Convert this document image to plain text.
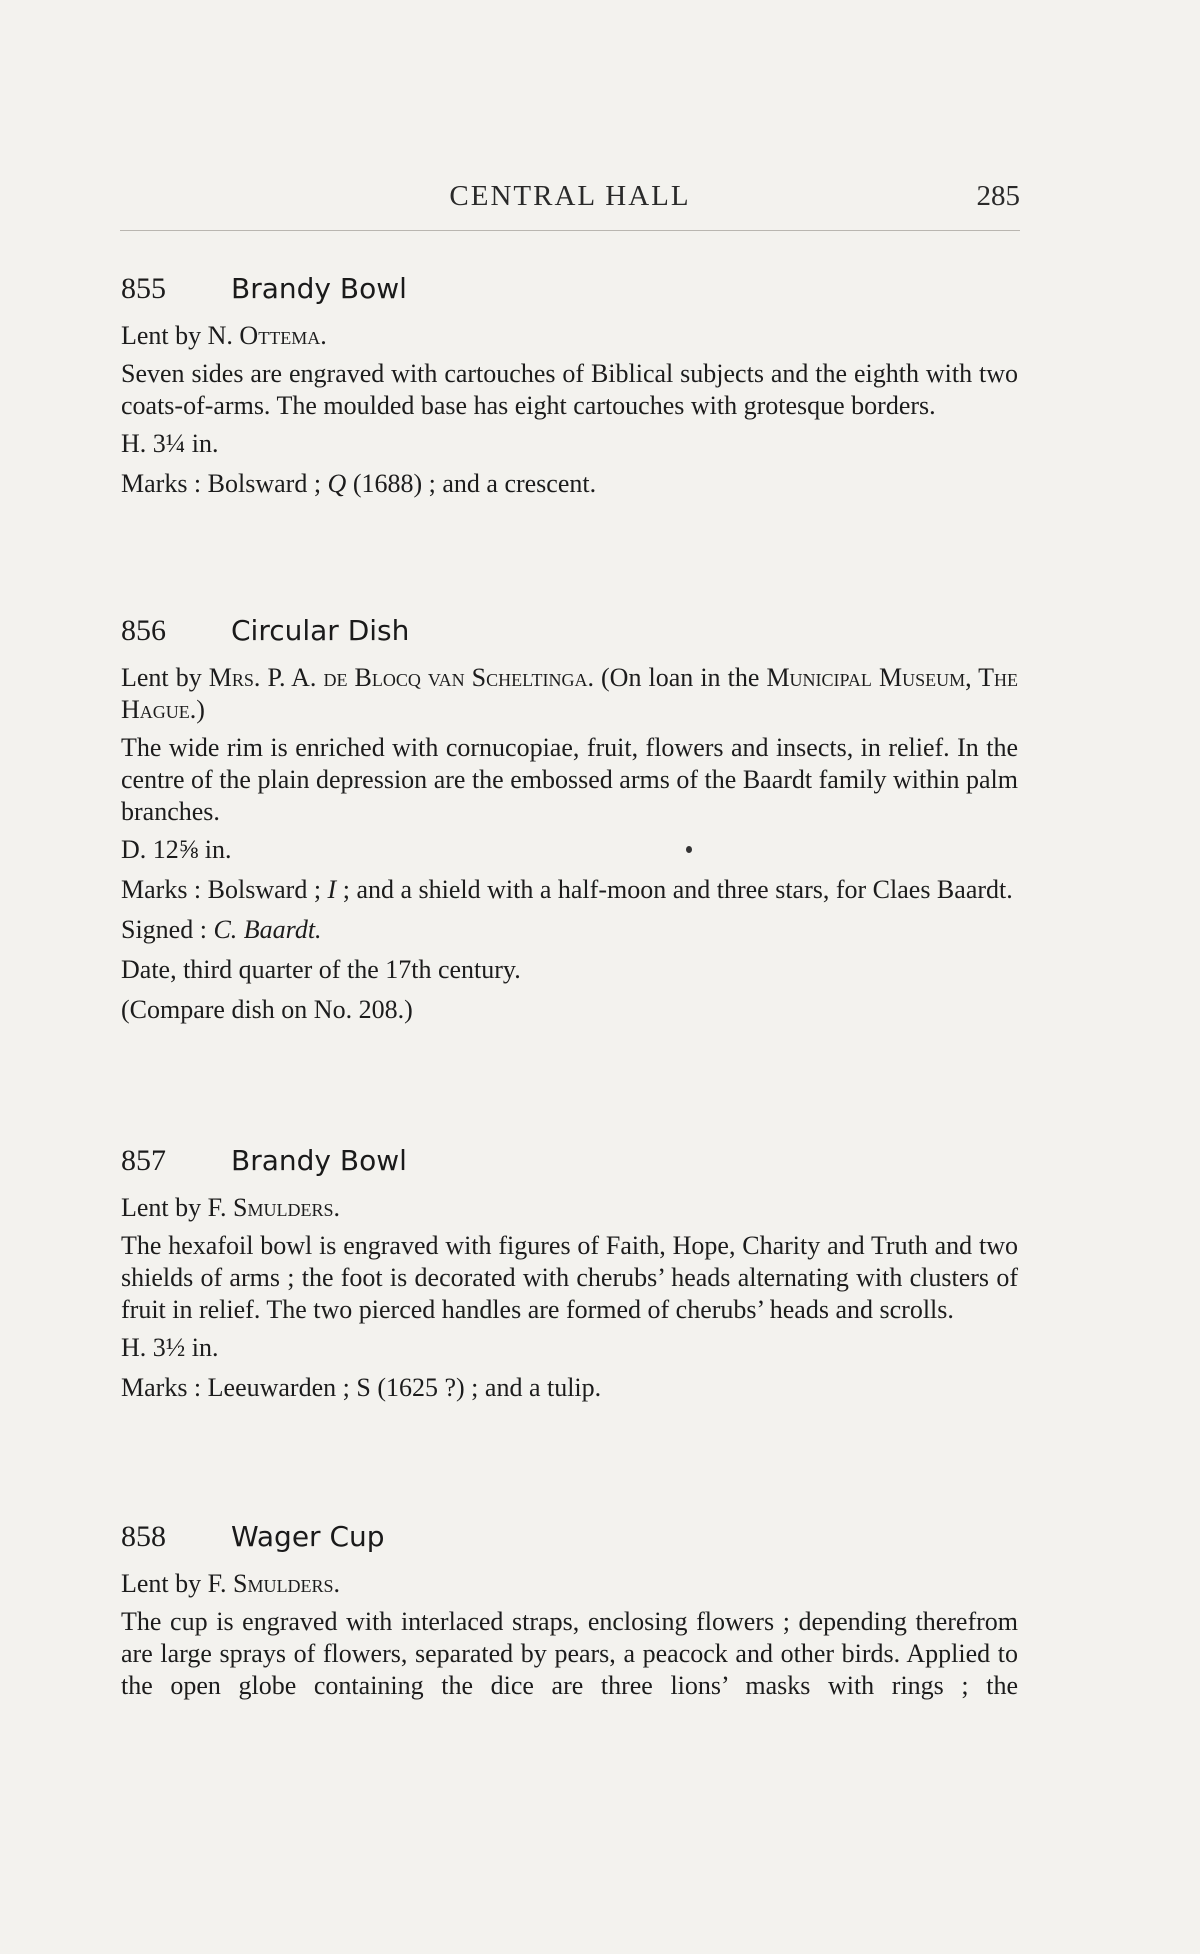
CENTRAL HALL	285
855 Brandy Bowl
Lent by N. Ottema.
Seven sides are engraved with cartouches of Biblical subjects and the eighth with two coats-of-arms. The moulded base has eight cartouches with grotesque borders.
H. 3¼ in.
Marks : Bolsward ; Q (1688) ; and a crescent.
856 Circular Dish
Lent by Mrs. P. A. de Blocq van Scheltinga. (On loan in the Municipal Museum, The Hague.)
The wide rim is enriched with cornucopiae, fruit, flowers and insects, in relief. In the centre of the plain depression are the embossed arms of the Baardt family within palm branches.
D. 12⅝ in.
Marks : Bolsward ; I ; and a shield with a half-moon and three stars, for Claes Baardt.
Signed : C. Baardt.
Date, third quarter of the 17th century.
(Compare dish on No. 208.)
857 Brandy Bowl
Lent by F. Smulders.
The hexafoil bowl is engraved with figures of Faith, Hope, Charity and Truth and two shields of arms ; the foot is decorated with cherubs’ heads alternating with clusters of fruit in relief. The two pierced handles are formed of cherubs’ heads and scrolls.
H. 3½ in.
Marks : Leeuwarden ; S (1625 ?) ; and a tulip.
858 Wager Cup
Lent by F. Smulders.
The cup is engraved with interlaced straps, enclosing flowers ; depending therefrom are large sprays of flowers, separated by pears, a peacock and other birds. Applied to the open globe containing the dice are three lions’ masks with rings ; the
